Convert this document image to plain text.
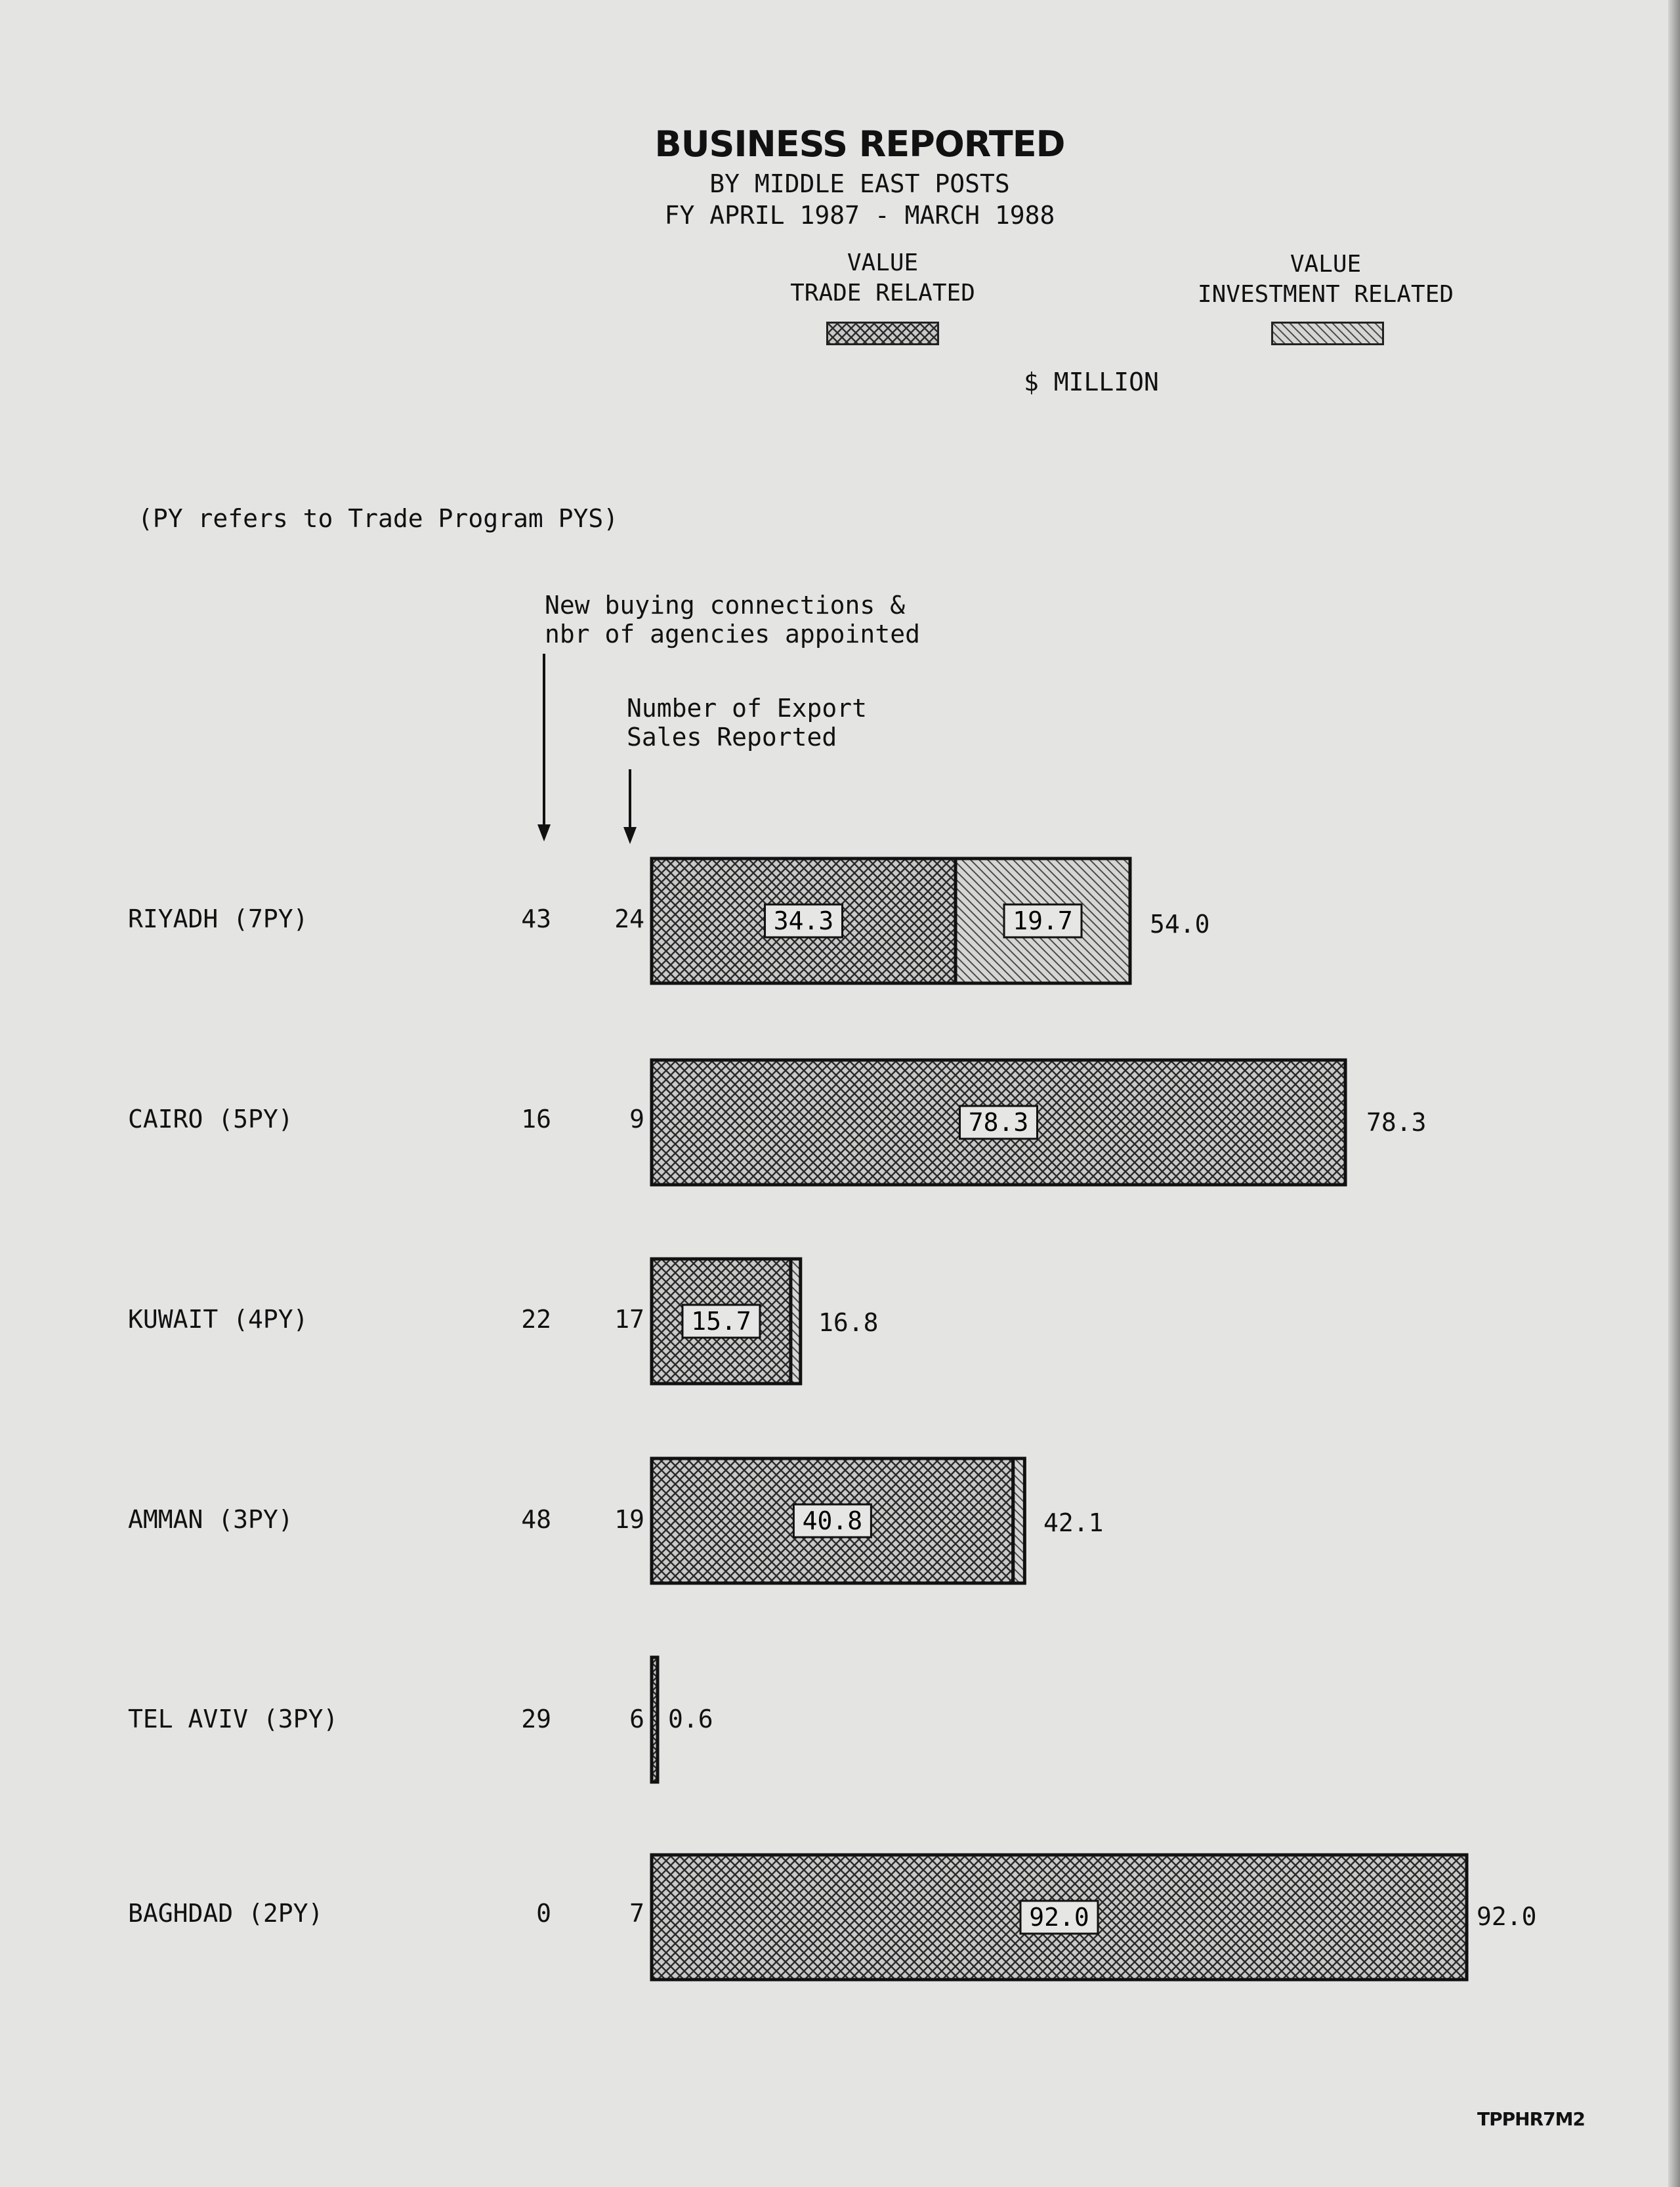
BUSINESS REPORTED
BY MIDDLE EAST POSTS
FY APRIL 1987 - MARCH 1988
VALUE
TRADE RELATED
VALUE
INVESTMENT RELATED
$ MILLION
(PY refers to Trade Program PYS)
New buying connections &
nbr of agencies appointed
Number of Export
Sales Reported
RIYADH (7PY)	43	24	54.0
CAIRO (5PY)	16	9	78.3
KUWAIT (4PY)	22	17	16.8
AMMAN (3PY)	48	19	42.1
TEL AVIV (3PY)	29	6 0.6
BAGHDAD (2PY)	0	7	92.0
34.3	19.7
78.3
15.7
40.8
92.0
TPPHR7M2
